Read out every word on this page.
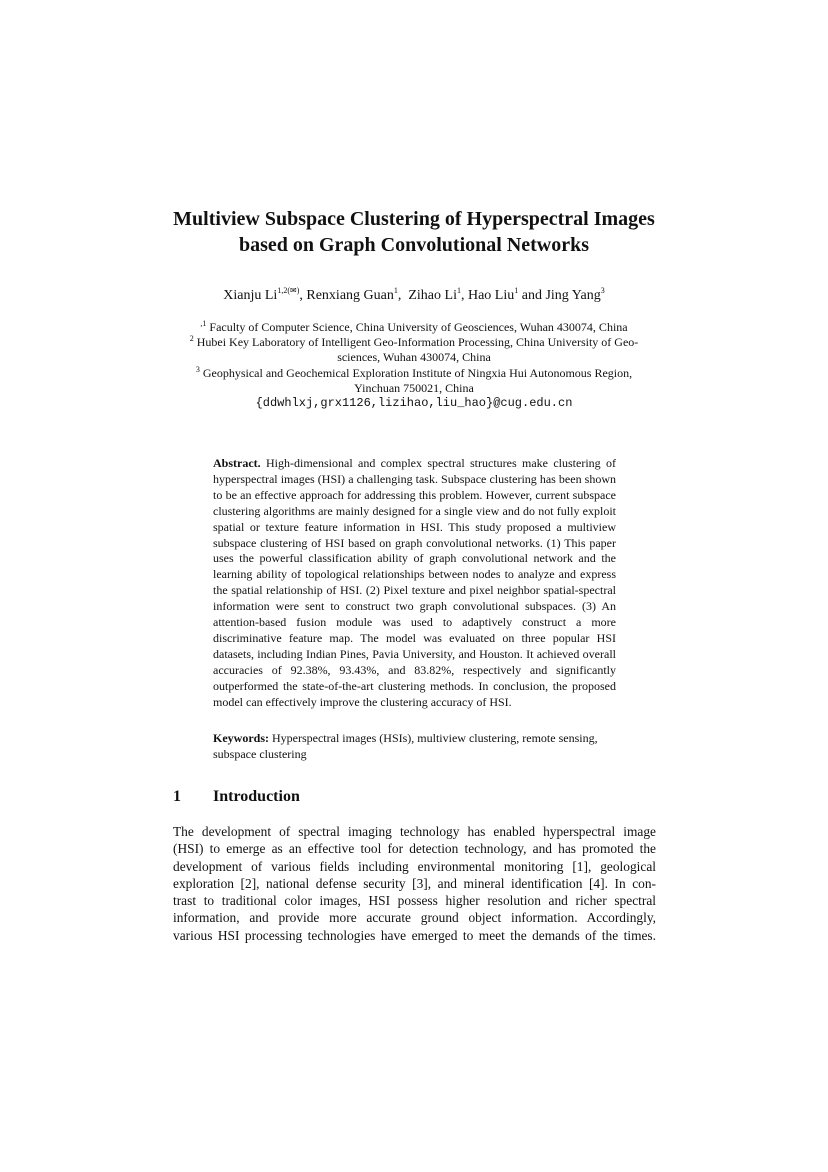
Multiview Subspace Clustering of Hyperspectral Images
based on Graph Convolutional Networks
Xianju $Li^{1,2(✉)}$, Renxiang Guan$^1$,  Zihao Li$^1$, Hao Liu$^1$ and Jing Yang$^3$
$^{,1}$ Faculty of Computer Science, China University of Geosciences, Wuhan 430074, China
$^2$ Hubei Key Laboratory of Intelligent Geo-Information Processing, China University of Geo-
sciences, Wuhan 430074, China
$^3$ Geophysical and Geochemical Exploration Institute of Ningxia Hui Autonomous Region,
Yinchuan 750021, China
{ddwhlxj,grx1126,lizihao,liu_hao}@cug.edu.cn
Abstract. High-dimensional and complex spectral structures make clustering of hyperspectral images (HSI) a challenging task. Subspace clustering has been shown to be an effective approach for addressing this problem. However, current subspace clustering algorithms are mainly designed for a single view and do not fully exploit spatial or texture feature information in HSI. This study proposed a multiview subspace clustering of HSI based on graph convolutional networks. (1) This paper uses the powerful classification ability of graph convolutional network and the learning ability of topological relationships between nodes to analyze and express the spatial relationship of HSI. (2) Pixel texture and pixel neighbor spatial-spectral information were sent to construct two graph convolutional subspaces. (3) An attention-based fusion module was used to adaptively construct a more discriminative feature map. The model was evaluated on three popular HSI datasets, including Indian Pines, Pavia University, and Houston. It achieved overall accuracies of 92.38%, 93.43%, and 83.82%, respectively and significantly outperformed the state-of-the-art clustering methods. In conclusion, the proposed model can effectively improve the clustering accuracy of HSI.
Keywords: Hyperspectral images (HSIs), multiview clustering, remote sensing, subspace clustering
1 Introduction
The development of spectral imaging technology has enabled hyperspectral image
(HSI) to emerge as an effective tool for detection technology, and has promoted the
development of various fields including environmental monitoring [1], geological
exploration [2], national defense security [3], and mineral identification [4]. In con-
trast to traditional color images, HSI possess higher resolution and richer spectral
information, and provide more accurate ground object information. Accordingly,
various HSI processing technologies have emerged to meet the demands of the times.
